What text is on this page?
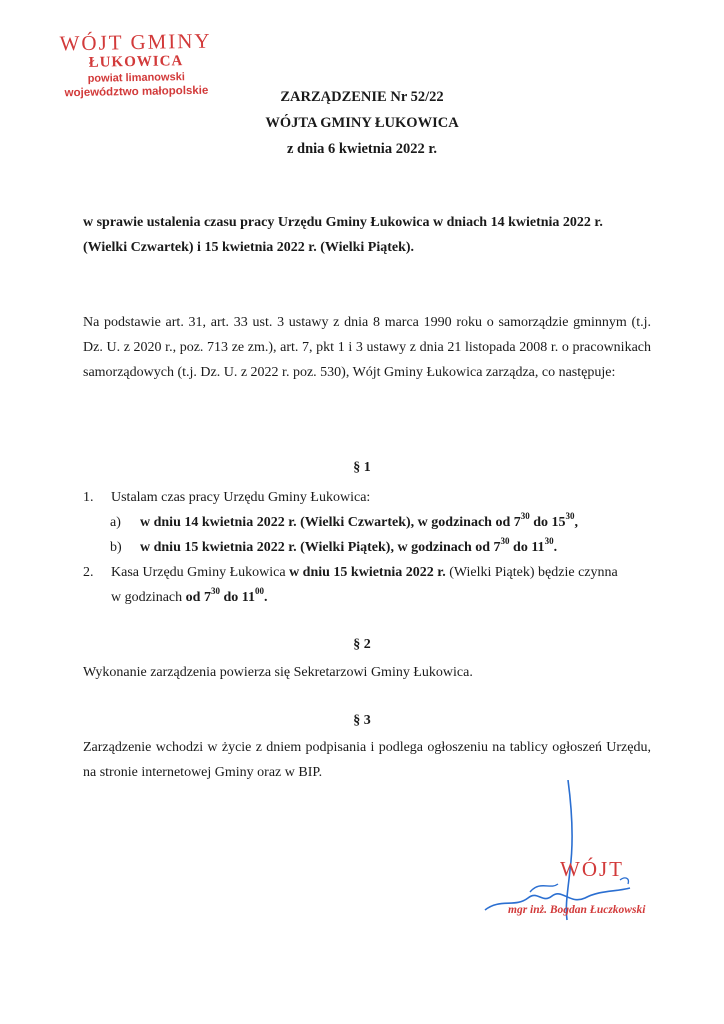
WÓJT GMINY
ŁUKOWICA
powiat limanowski
województwo małopolskie	ZARZĄDZENIE Nr 52/22
WÓJTA GMINY ŁUKOWICA
z dnia 6 kwietnia 2022 r.
w sprawie ustalenia czasu pracy Urzędu Gminy Łukowica w dniach 14 kwietnia 2022 r.
(Wielki Czwartek) i 15 kwietnia 2022 r. (Wielki Piątek).
Na podstawie art. 31, art. 33 ust. 3 ustawy z dnia 8 marca 1990 roku o samorządzie gminnym (t.j. Dz. U. z 2020 r., poz. 713 ze zm.), art. 7, pkt 1 i 3 ustawy z dnia 21 listopada 2008 r. o pracownikach samorządowych (t.j. Dz. U. z 2022 r. poz. 530), Wójt Gminy Łukowica zarządza, co następuje:
§ 1
1.	Ustalam czas pracy Urzędu Gminy Łukowica:
a)	w dniu 14 kwietnia 2022 r. (Wielki Czwartek), w godzinach od $7^{30}$ do $15^{30}$,
b)	w dniu 15 kwietnia 2022 r. (Wielki Piątek), w godzinach od $7^{30}$ do $11^{30}$.
2.	Kasa Urzędu Gminy Łukowica w dniu 15 kwietnia 2022 r. (Wielki Piątek) będzie czynna
w godzinach od $7^{30}$ do $11^{00}$.
§ 2
Wykonanie zarządzenia powierza się Sekretarzowi Gminy Łukowica.
§ 3
Zarządzenie wchodzi w życie z dniem podpisania i podlega ogłoszeniu na tablicy ogłoszeń Urzędu, na stronie internetowej Gminy oraz w BIP.
WÓJT
mgr inż. Bogdan Łuczkowski
